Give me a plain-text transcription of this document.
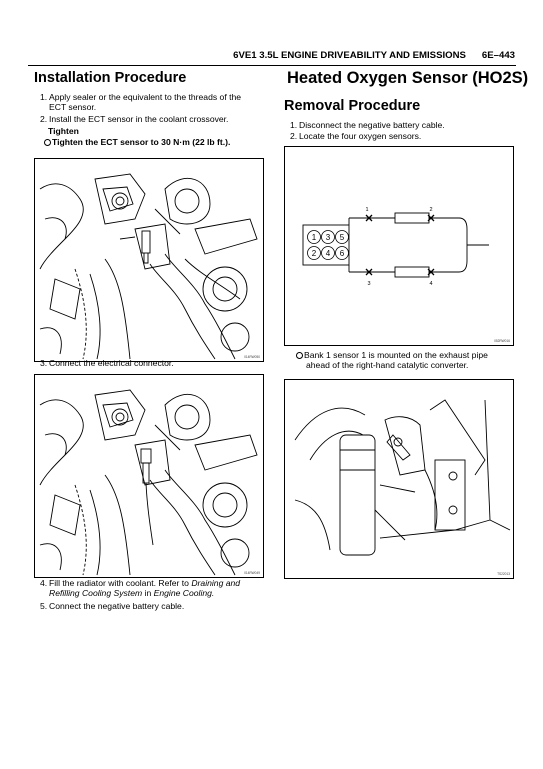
6VE1 3.5L ENGINE DRIVEABILITY AND EMISSIONS 6E–443
Installation Procedure
1. Apply sealer or the equivalent to the threads of the
ECT sensor.
2. Install the ECT sensor in the coolant crossover.
Tighten
Tighten the ECT sensor to 30 N·m (22 lb ft.).
014RW050
3. Connect the electrical connector.
014RW049
4. Fill the radiator with coolant. Refer to Draining and
Refilling Cooling System in Engine Cooling.
5. Connect the negative battery cable.
Heated Oxygen Sensor (HO2S)
Removal Procedure
1. Disconnect the negative battery cable.
2. Locate the four oxygen sensors.
1 3 5
2 4 6
1	2
3	4
052RW016
Bank 1 sensor 1 is mounted on the exhaust pipe
ahead of the right-hand catalytic converter.
TS22013
